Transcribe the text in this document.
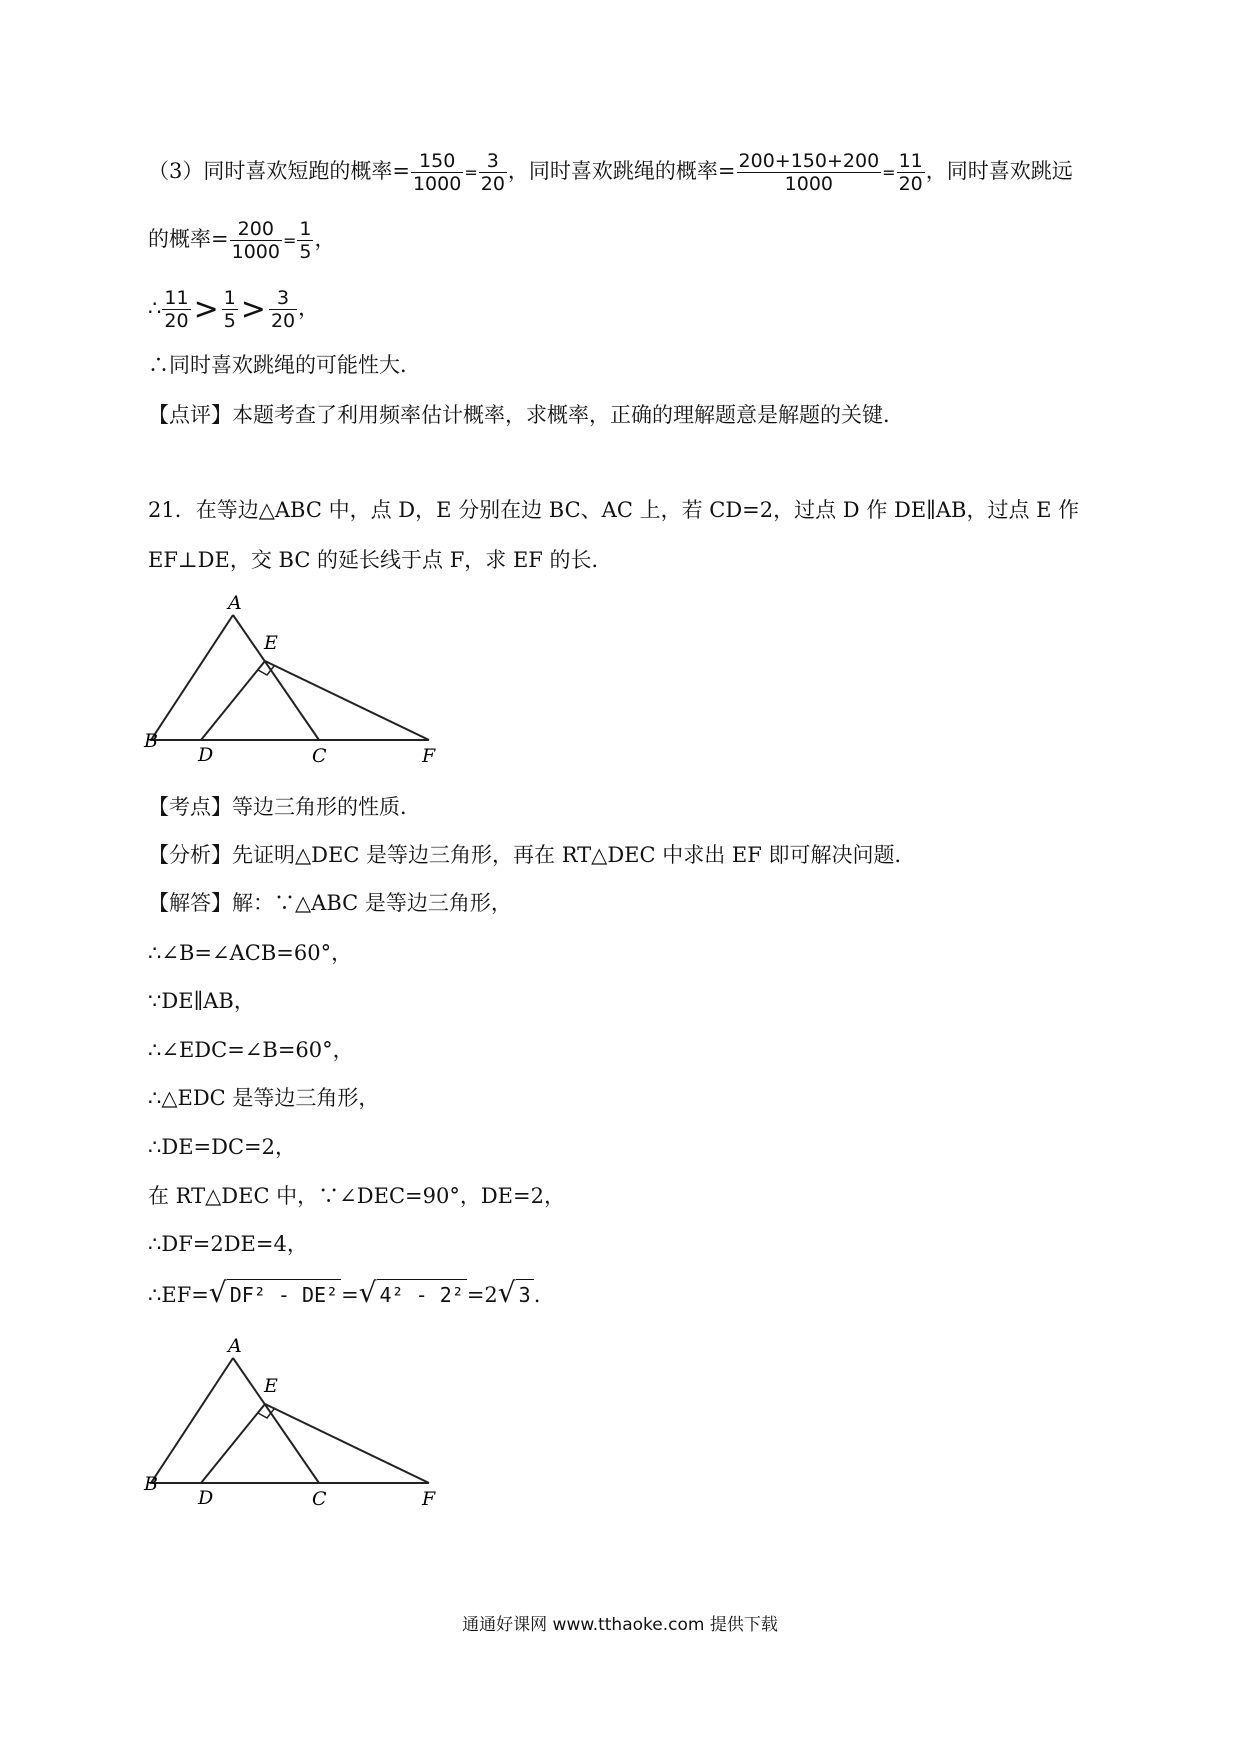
（3）同时喜欢短跑的概率= $\frac{150}{1000} = \frac{3}{20}$ ，同时喜欢跳绳的概率= $\frac{200+150+200}{1000} = \frac{11}{20}$ ，同时喜欢跳远
的概率= $\frac{200}{1000} = \frac{1}{5}$ ，
∴ $\frac{11}{20} > \frac{1}{5} > \frac{3}{20}$ ，
∴同时喜欢跳绳的可能性大．
【点评】本题考查了利用频率估计概率，求概率，正确的理解题意是解题的关键．
21．在等边△ABC 中，点 D，E 分别在边 BC、AC 上，若 CD=2，过点 D 作 DE∥AB，过点 E 作
EF⊥DE，交 BC 的延长线于点 F，求 EF 的长．
A
B
C
D
E
F
【考点】等边三角形的性质．
【分析】先证明△DEC 是等边三角形，再在 RT△DEC 中求出 EF 即可解决问题．
【解答】解：∵△ABC 是等边三角形，
∴∠B=∠ACB=60°，
∵DE∥AB，
∴∠EDC=∠B=60°，
∴△EDC 是等边三角形，
∴DE=DC=2，
在 RT△DEC 中，∵∠DEC=90°，DE=2，
∴DF=2DE=4，
∴EF=√ DF² - DE² =√ 4² - 2² =2√ 3 .
A
B
C
D
E
F
通通好课网 www.tthaoke.com 提供下载
